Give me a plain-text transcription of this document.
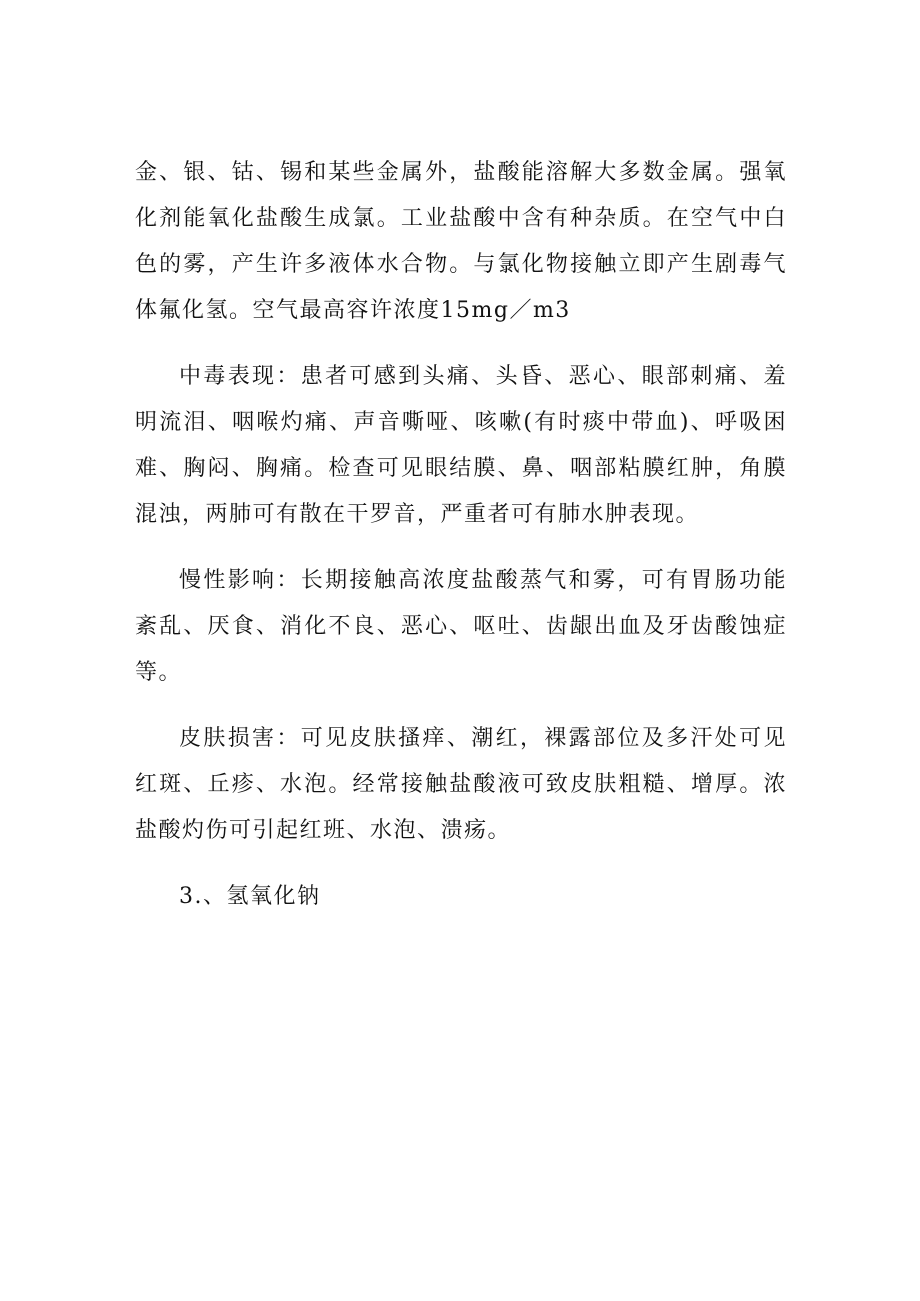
金、银、钴、锡和某些金属外，盐酸能溶解大多数金属。强氧化剂能氧化盐酸生成氯。工业盐酸中含有种杂质。在空气中白色的雾，产生许多液体水合物。与氯化物接触立即产生剧毒气体氟化氢。空气最高容许浓度15mg／m3

中毒表现：患者可感到头痛、头昏、恶心、眼部刺痛、羞明流泪、咽喉灼痛、声音嘶哑、咳嗽(有时痰中带血)、呼吸困难、胸闷、胸痛。检查可见眼结膜、鼻、咽部粘膜红肿，角膜混浊，两肺可有散在干罗音，严重者可有肺水肿表现。

慢性影响：长期接触高浓度盐酸蒸气和雾，可有胃肠功能紊乱、厌食、消化不良、恶心、呕吐、齿龈出血及牙齿酸蚀症等。

皮肤损害：可见皮肤搔痒、潮红，裸露部位及多汗处可见红斑、丘疹、水泡。经常接触盐酸液可致皮肤粗糙、增厚。浓盐酸灼伤可引起红班、水泡、溃疡。

3.、氢氧化钠
